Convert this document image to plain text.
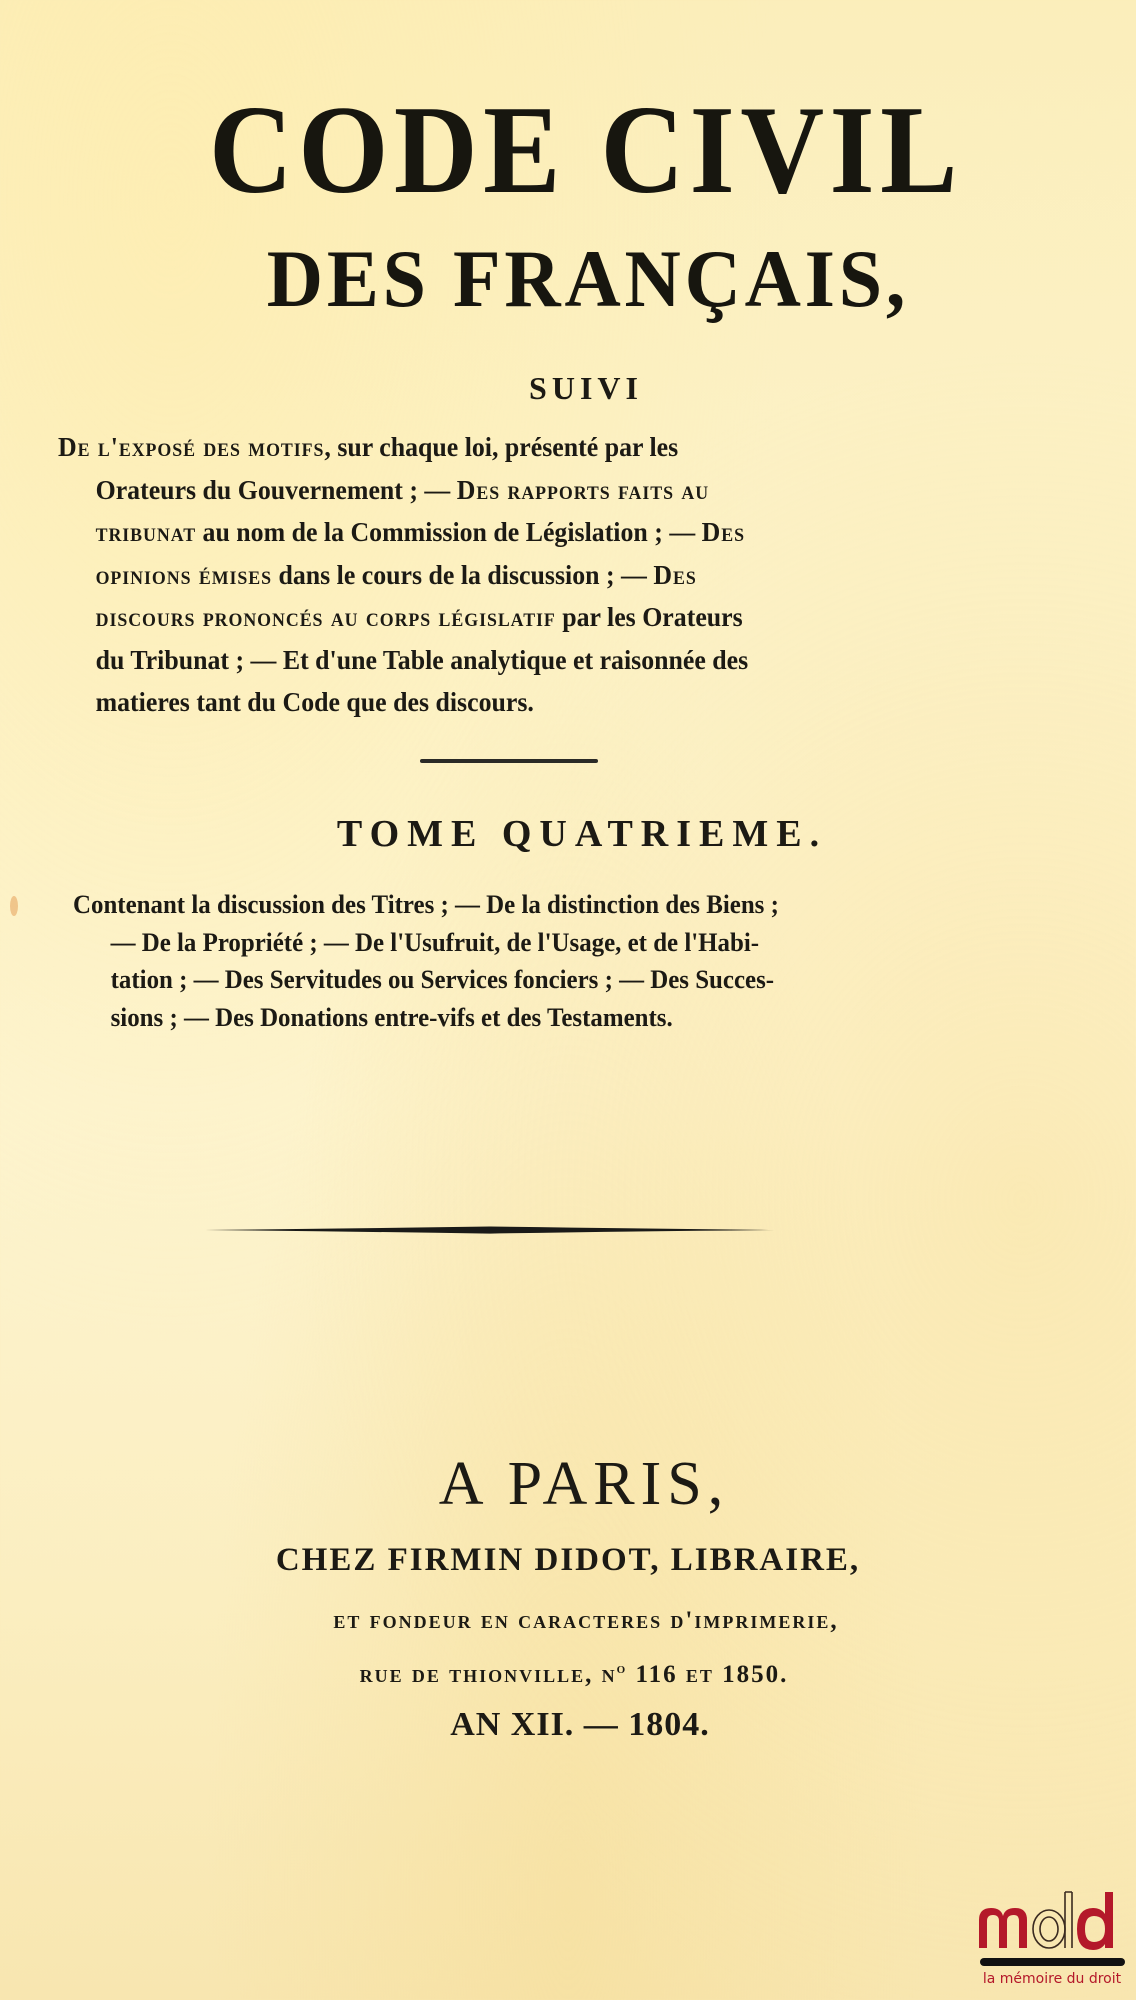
CODE CIVIL
DES FRANÇAIS,
SUIVI
De l'exposé des motifs, sur chaque loi, présenté par les
Orateurs du Gouvernement ; — Des rapports faits au
tribunat au nom de la Commission de Législation ; — Des
opinions émises dans le cours de la discussion ; — Des
discours prononcés au corps législatif par les Orateurs
du Tribunat ; — Et d'une Table analytique et raisonnée des
matieres tant du Code que des discours.
TOME QUATRIEME.
Contenant la discussion des Titres ; — De la distinction des Biens ;
— De la Propriété ; — De l'Usufruit, de l'Usage, et de l'Habi-
tation ; — Des Servitudes ou Services fonciers ; — Des Succes-
sions ; — Des Donations entre-vifs et des Testaments.
A PARIS,
CHEZ FIRMIN DIDOT, LIBRAIRE,
et fondeur en caracteres d'imprimerie,
rue de thionville, $n^o$ 116 et 1850.
AN XII. — 1804.
la mémoire du droit
